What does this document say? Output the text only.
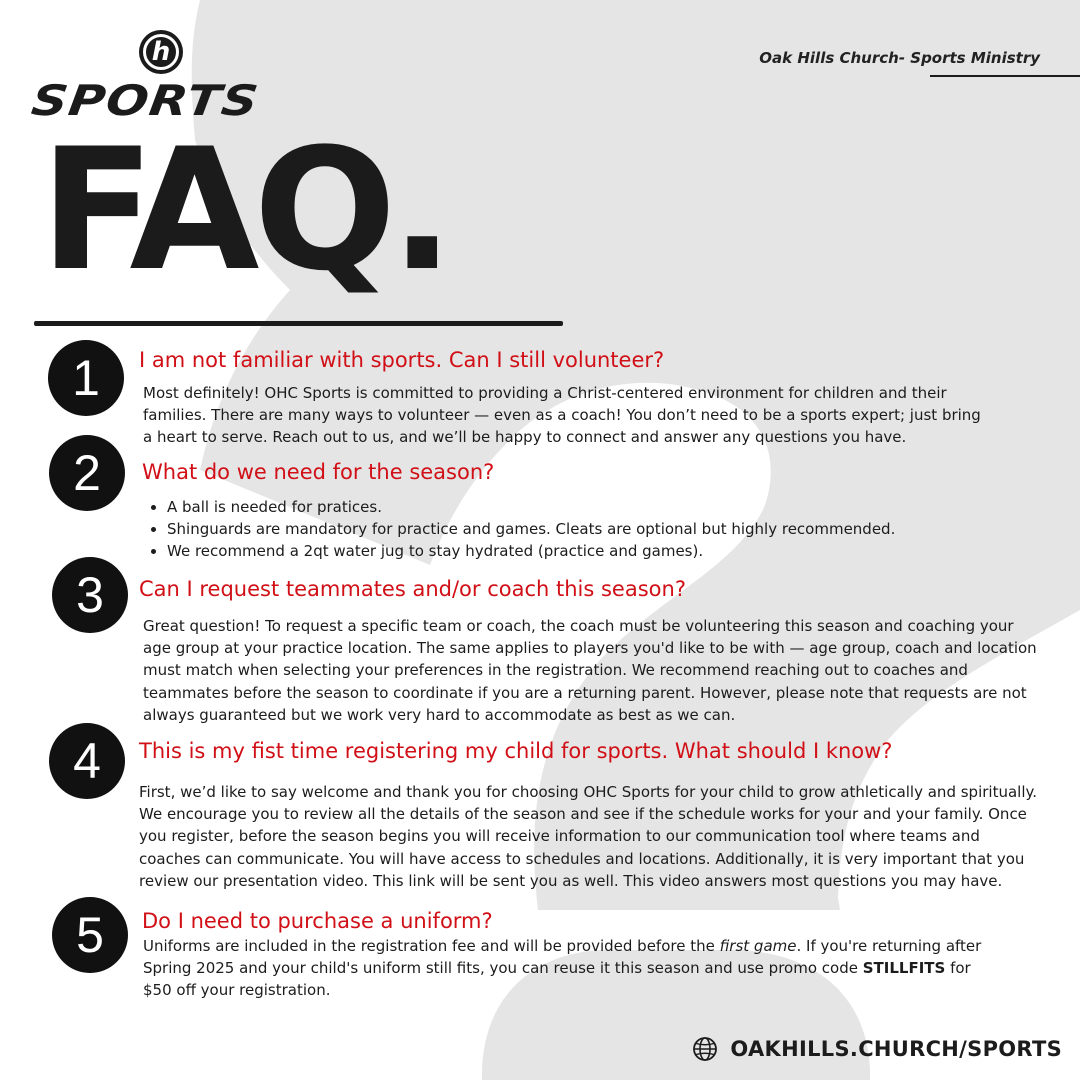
h
SPORTS
Oak Hills Church- Sports Ministry
FAQ.
1	I am not familiar with sports. Can I still volunteer?
Most definitely! OHC Sports is committed to providing a Christ-centered environment for children and their families. There are many ways to volunteer — even as a coach! You don’t need to be a sports expert; just bring a heart to serve. Reach out to us, and we’ll be happy to connect and answer any questions you have.
2	What do we need for the season?
• A ball is needed for pratices.
• Shinguards are mandatory for practice and games. Cleats are optional but highly recommended.
• We recommend a 2qt water jug to stay hydrated (practice and games).
3	Can I request teammates and/or coach this season?
Great question! To request a specific team or coach, the coach must be volunteering this season and coaching your age group at your practice location. The same applies to players you'd like to be with — age group, coach and location must match when selecting your preferences in the registration. We recommend reaching out to coaches and teammates before the season to coordinate if you are a returning parent. However, please note that requests are not always guaranteed but we work very hard to accommodate as best as we can.
4	This is my fist time registering my child for sports. What should I know?
First, we’d like to say welcome and thank you for choosing OHC Sports for your child to grow athletically and spiritually. We encourage you to review all the details of the season and see if the schedule works for your and your family. Once you register, before the season begins you will receive information to our communication tool where teams and coaches can communicate. You will have access to schedules and locations. Additionally, it is very important that you review our presentation video. This link will be sent you as well. This video answers most questions you may have.
5	Do I need to purchase a uniform?
Uniforms are included in the registration fee and will be provided before the first game. If you're returning after Spring 2025 and your child's uniform still fits, you can reuse it this season and use promo code STILLFITS for $50 off your registration.
OAKHILLS.CHURCH/SPORTS
